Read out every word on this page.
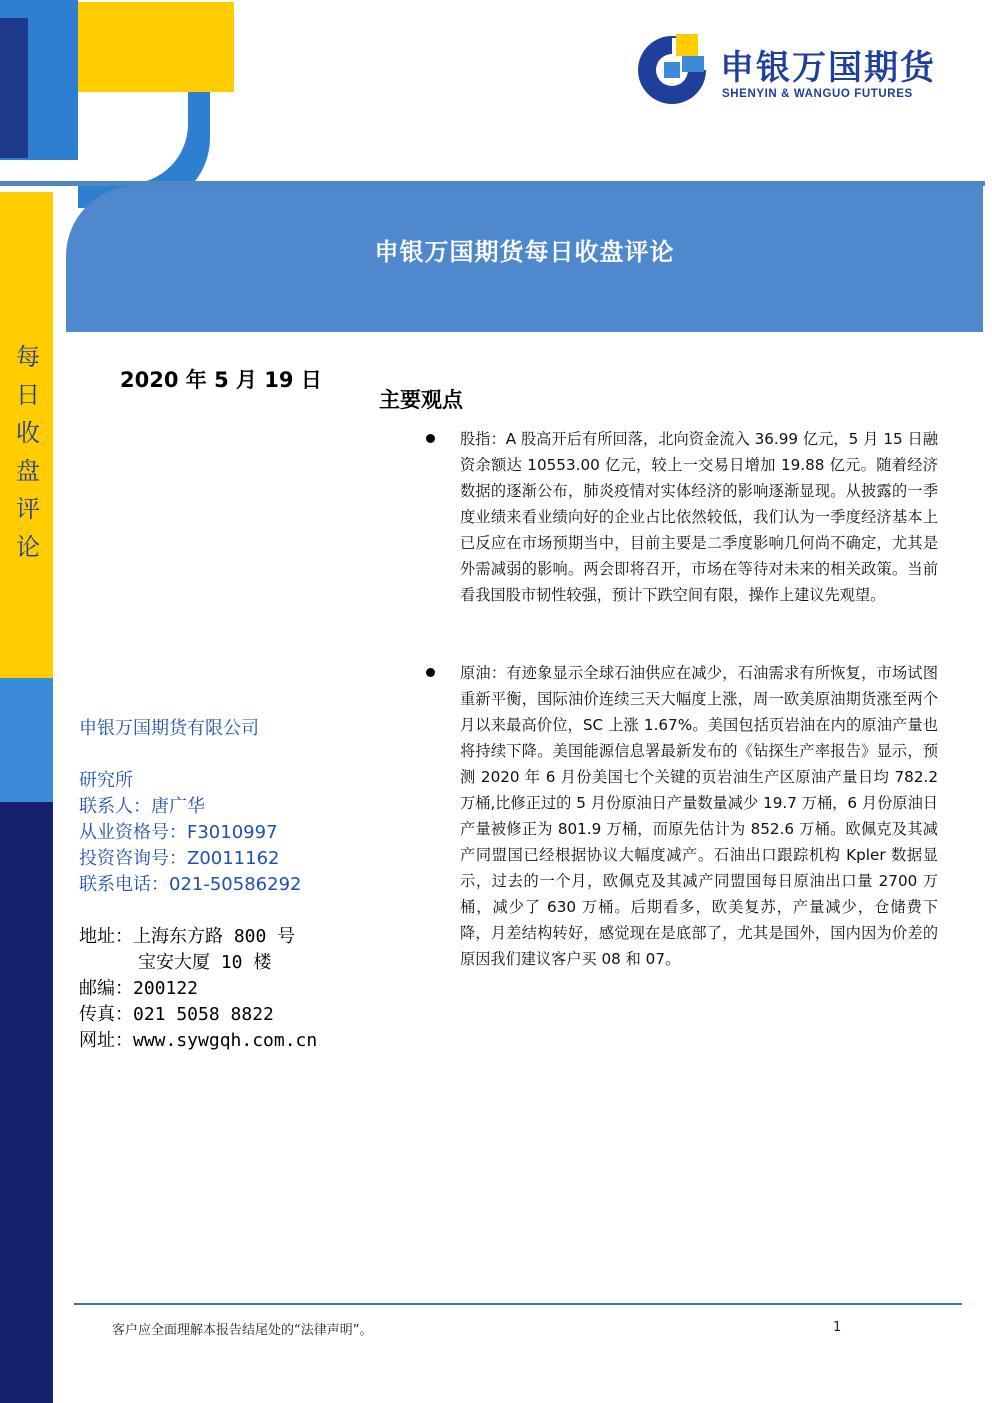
申银万国期货
SHENYIN & WANGUO FUTURES
申银万国期货每日收盘评论
每
日
收
盘
评
论
2020 年 5 月 19 日
申银万国期货有限公司
研究所
联系人：唐广华
从业资格号：F3010997
投资咨询号：Z0011162
联系电话：021-50586292
地址：上海东方路 800 号
宝安大厦 10 楼
邮编：200122
传真：021 5058 8822
网址：www.sywgqh.com.cn
主要观点
股指：A 股高开后有所回落，北向资金流入 36.99 亿元，5 月 15 日融资余额达 10553.00 亿元，较上一交易日增加 19.88 亿元。随着经济数据的逐渐公布，肺炎疫情对实体经济的影响逐渐显现。从披露的一季度业绩来看业绩向好的企业占比依然较低，我们认为一季度经济基本上已反应在市场预期当中，目前主要是二季度影响几何尚不确定，尤其是外需减弱的影响。两会即将召开，市场在等待对未来的相关政策。当前看我国股市韧性较强，预计下跌空间有限，操作上建议先观望。
原油：有迹象显示全球石油供应在减少，石油需求有所恢复，市场试图重新平衡，国际油价连续三天大幅度上涨，周一欧美原油期货涨至两个月以来最高价位，SC 上涨 1.67%。美国包括页岩油在内的原油产量也将持续下降。美国能源信息署最新发布的《钻探生产率报告》显示，预测 2020 年 6 月份美国七个关键的页岩油生产区原油产量日均 782.2 万桶,比修正过的 5 月份原油日产量数量减少 19.7 万桶，6 月份原油日产量被修正为 801.9 万桶，而原先估计为 852.6 万桶。欧佩克及其减产同盟国已经根据协议大幅度减产。石油出口跟踪机构 Kpler 数据显示，过去的一个月，欧佩克及其减产同盟国每日原油出口量 2700 万桶，减少了 630 万桶。后期看多，欧美复苏，产量减少，仓储费下降，月差结构转好，感觉现在是底部了，尤其是国外，国内因为价差的原因我们建议客户买 08 和 07。
客户应全面理解本报告结尾处的“法律声明”。	1
